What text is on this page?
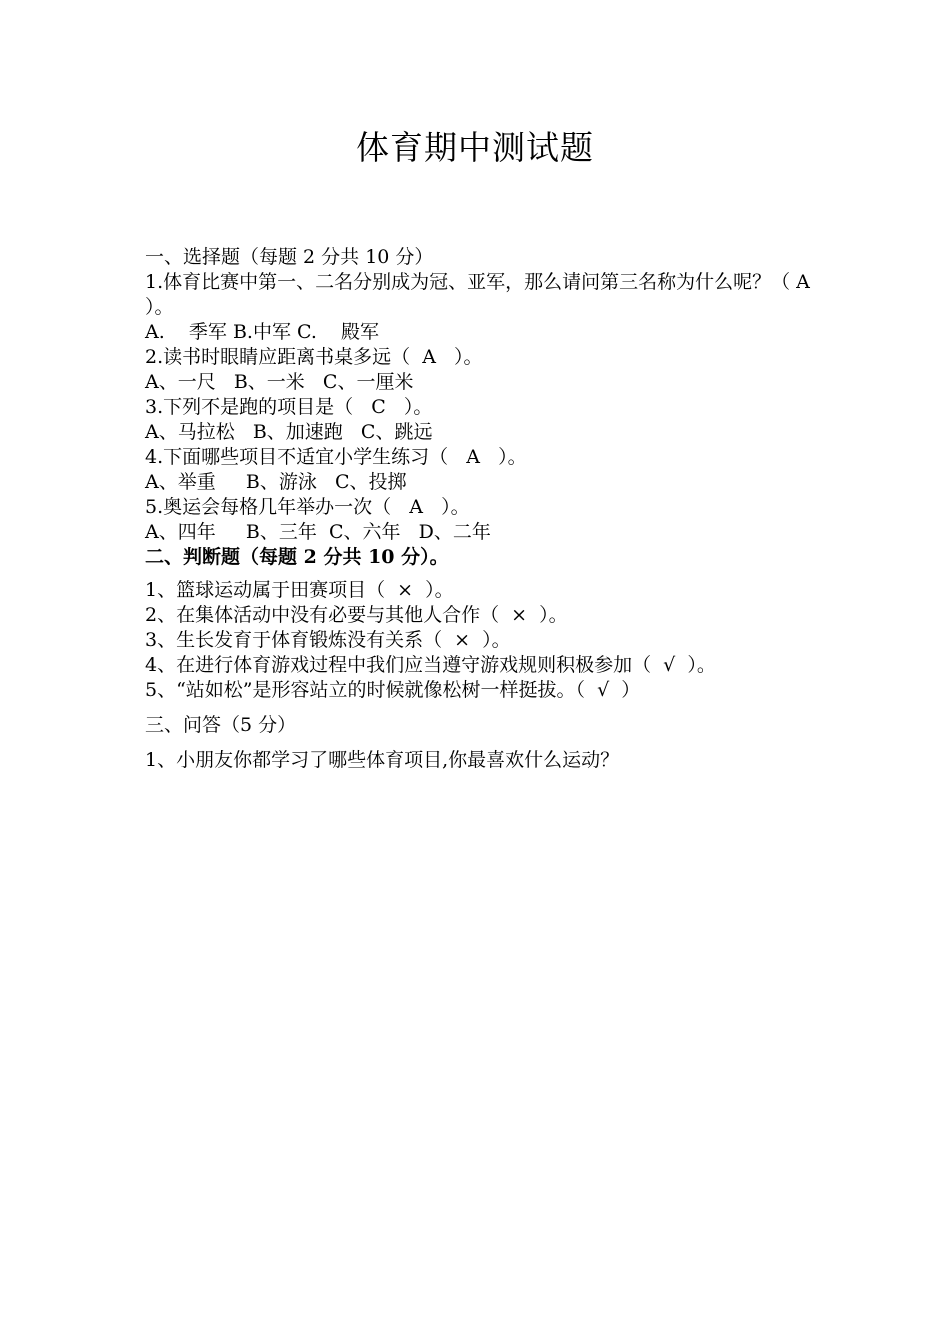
体育期中测试题

一、选择题（每题 2 分共 10 分）

1.体育比赛中第一、二名分别成为冠、亚军，那么请问第三名称为什么呢？（ A ）。

A.    季军 B.中军 C.    殿军

2.读书时眼睛应距离书桌多远（  A   ）。

A、一尺   B、一米   C、一厘米

3.下列不是跑的项目是（   C   ）。

A、马拉松   B、加速跑   C、跳远

4.下面哪些项目不适宜小学生练习（   A   ）。

A、举重     B、游泳   C、投掷

5.奥运会每格几年举办一次（   A   ）。

A、四年     B、三年  C、六年   D、二年

二、判断题（每题 2 分共 10 分）。

1、篮球运动属于田赛项目（  ×  ）。

2、在集体活动中没有必要与其他人合作（  ×  ）。

3、生长发育于体育锻炼没有关系（  ×  ）。

4、在进行体育游戏过程中我们应当遵守游戏规则积极参加（  √  ）。

5、“站如松”是形容站立的时候就像松树一样挺拔。（  √  ）

三、问答（5 分）

1、小朋友你都学习了哪些体育项目,你最喜欢什么运动？
